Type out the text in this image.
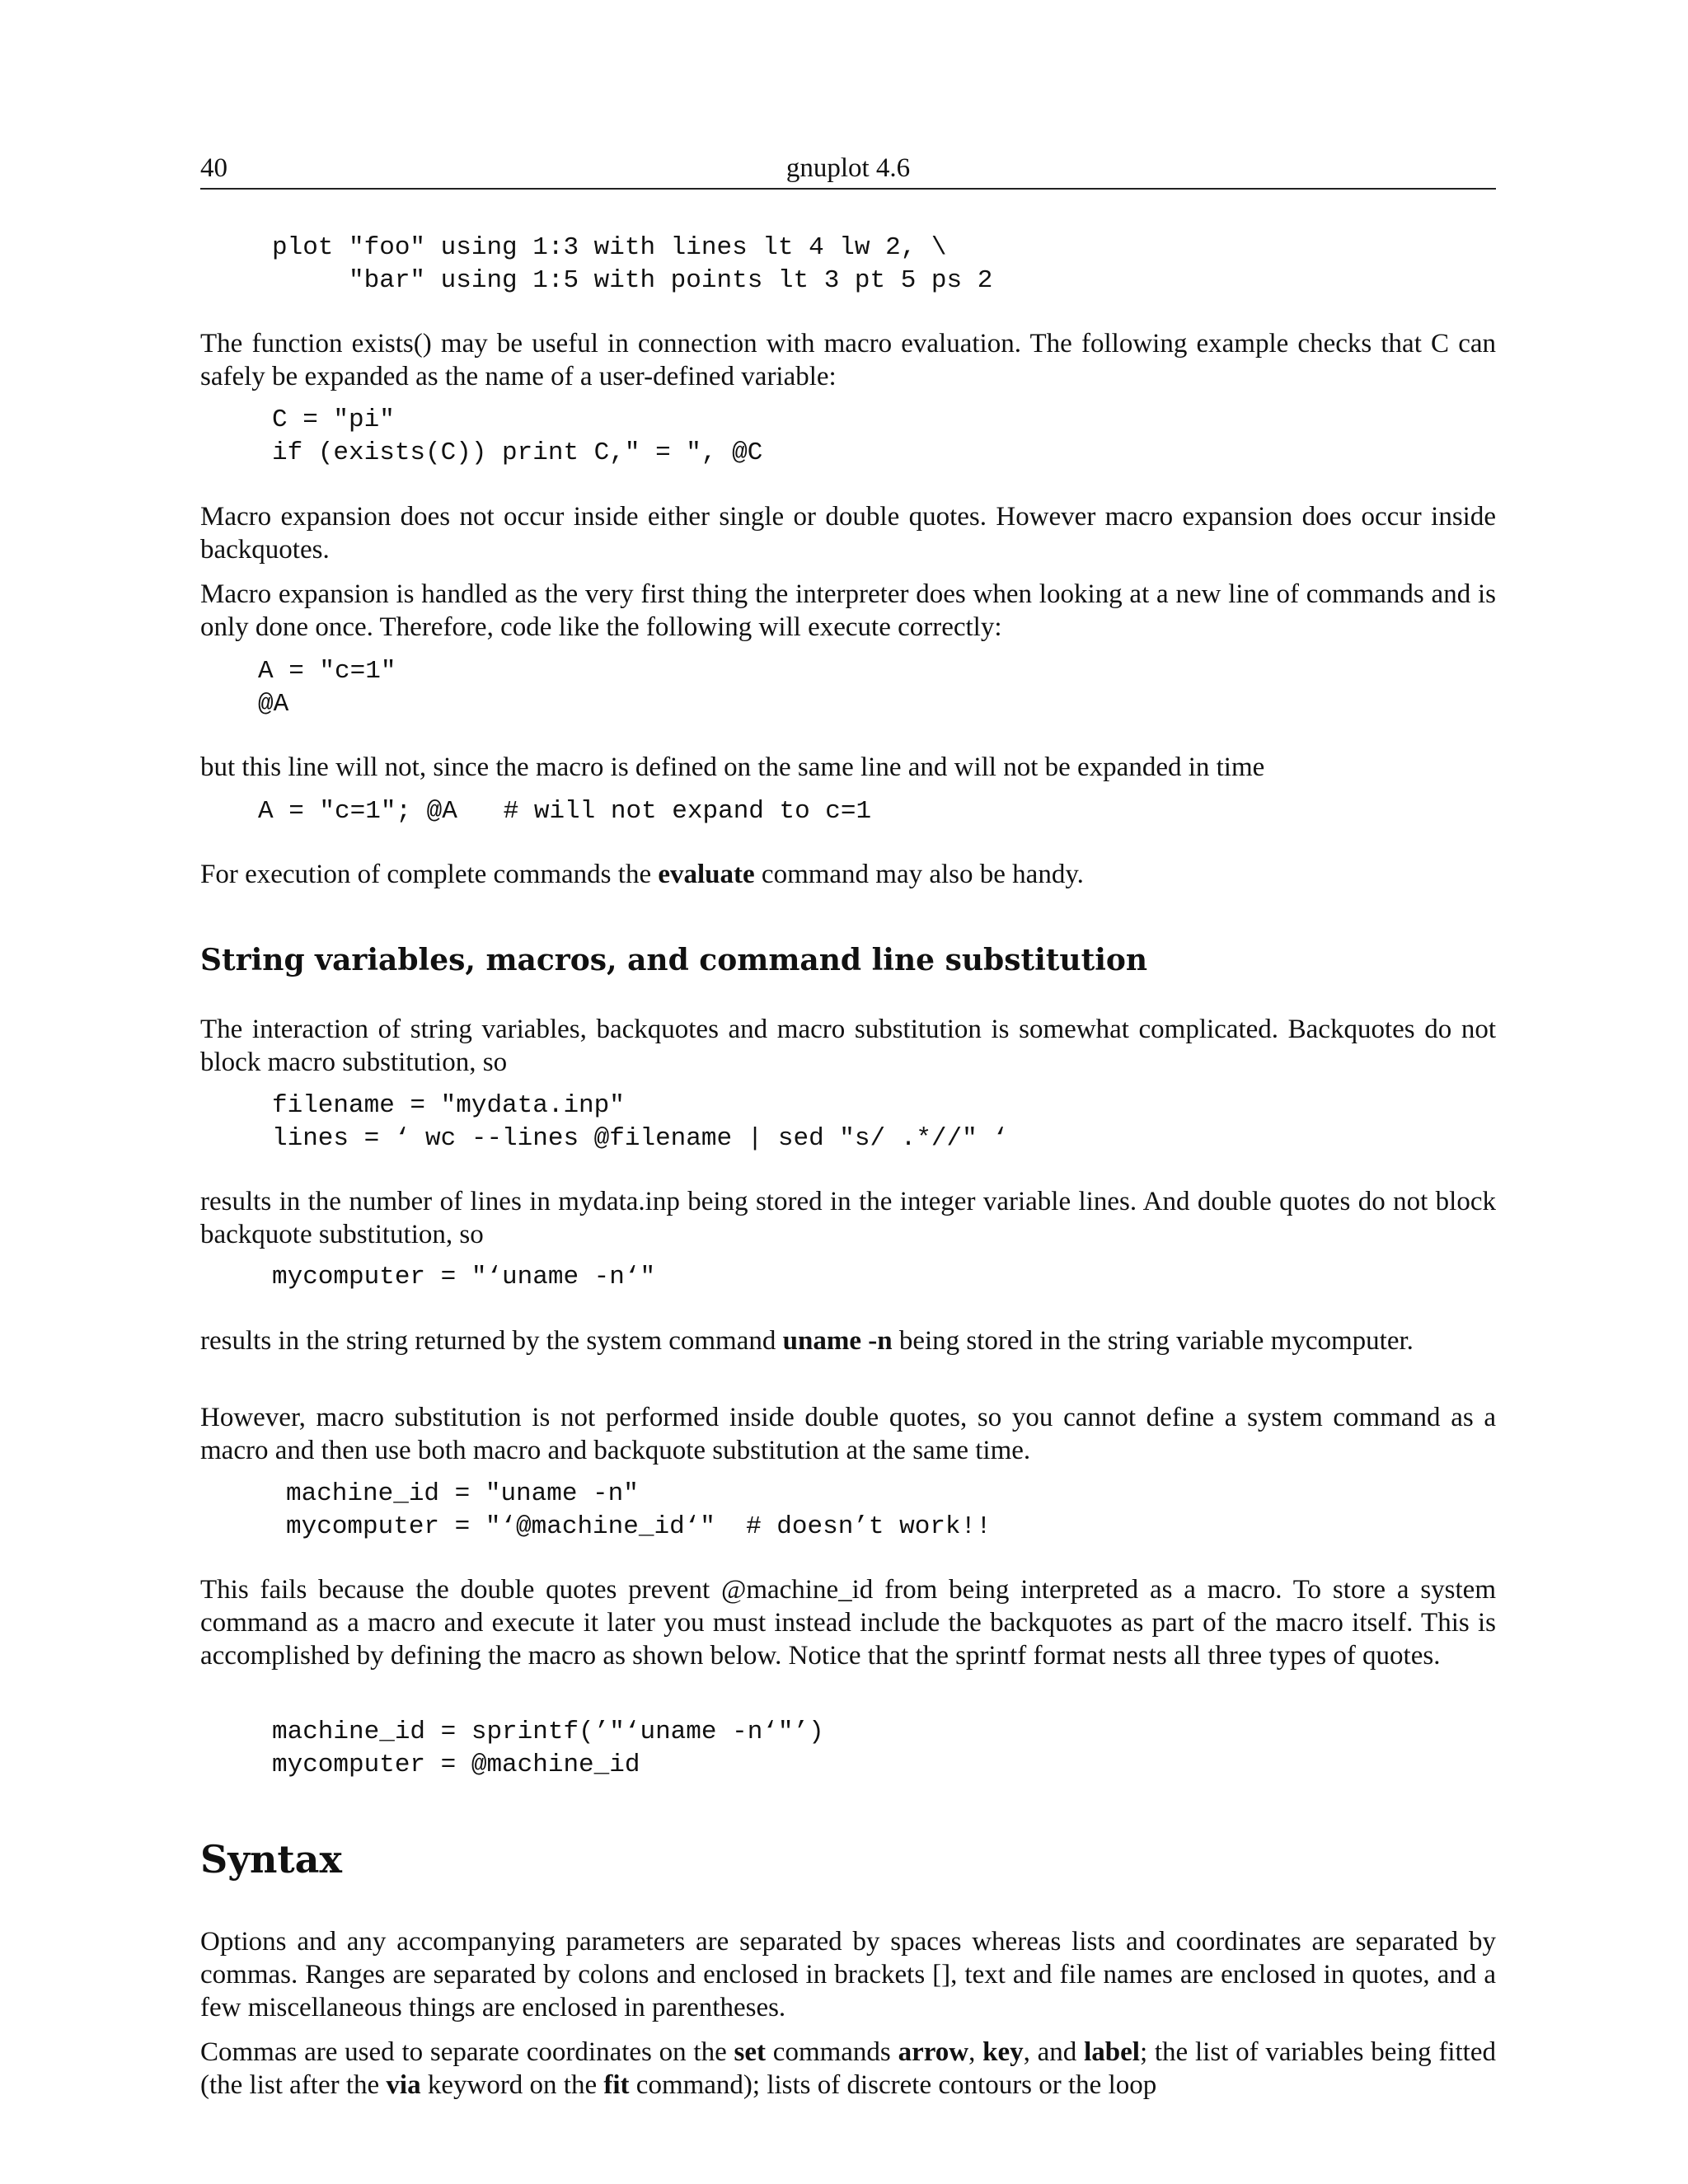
40	gnuplot 4.6
plot "foo" using 1:3 with lines lt 4 lw 2, \
"bar" using 1:5 with points lt 3 pt 5 ps 2

The function exists() may be useful in connection with macro evaluation. The following example checks that C can safely be expanded as the name of a user-defined variable:

C = "pi"
if (exists(C)) print C," = ", @C

Macro expansion does not occur inside either single or double quotes. However macro expansion does occur inside backquotes.

Macro expansion is handled as the very first thing the interpreter does when looking at a new line of commands and is only done once. Therefore, code like the following will execute correctly:

A = "c=1"
@A

but this line will not, since the macro is defined on the same line and will not be expanded in time

A = "c=1"; @A   # will not expand to c=1

For execution of complete commands the evaluate command may also be handy.

String variables, macros, and command line substitution

The interaction of string variables, backquotes and macro substitution is somewhat complicated. Backquotes do not block macro substitution, so

filename = "mydata.inp"
lines = ‘ wc --lines @filename | sed "s/ .*//" ‘

results in the number of lines in mydata.inp being stored in the integer variable lines. And double quotes do not block backquote substitution, so

mycomputer = "‘uname -n‘"

results in the string returned by the system command uname -n being stored in the string variable mycomputer.

However, macro substitution is not performed inside double quotes, so you cannot define a system command as a macro and then use both macro and backquote substitution at the same time.

machine_id = "uname -n"
mycomputer = "‘@machine_id‘"  # doesn’t work!!

This fails because the double quotes prevent @machine_id from being interpreted as a macro. To store a system command as a macro and execute it later you must instead include the backquotes as part of the macro itself. This is accomplished by defining the macro as shown below. Notice that the sprintf format nests all three types of quotes.

machine_id = sprintf(’"‘uname -n‘"’)
mycomputer = @machine_id
Syntax

Options and any accompanying parameters are separated by spaces whereas lists and coordinates are separated by commas. Ranges are separated by colons and enclosed in brackets [], text and file names are enclosed in quotes, and a few miscellaneous things are enclosed in parentheses.

Commas are used to separate coordinates on the set commands arrow, key, and label; the list of variables being fitted (the list after the via keyword on the fit command); lists of discrete contours or the loop
